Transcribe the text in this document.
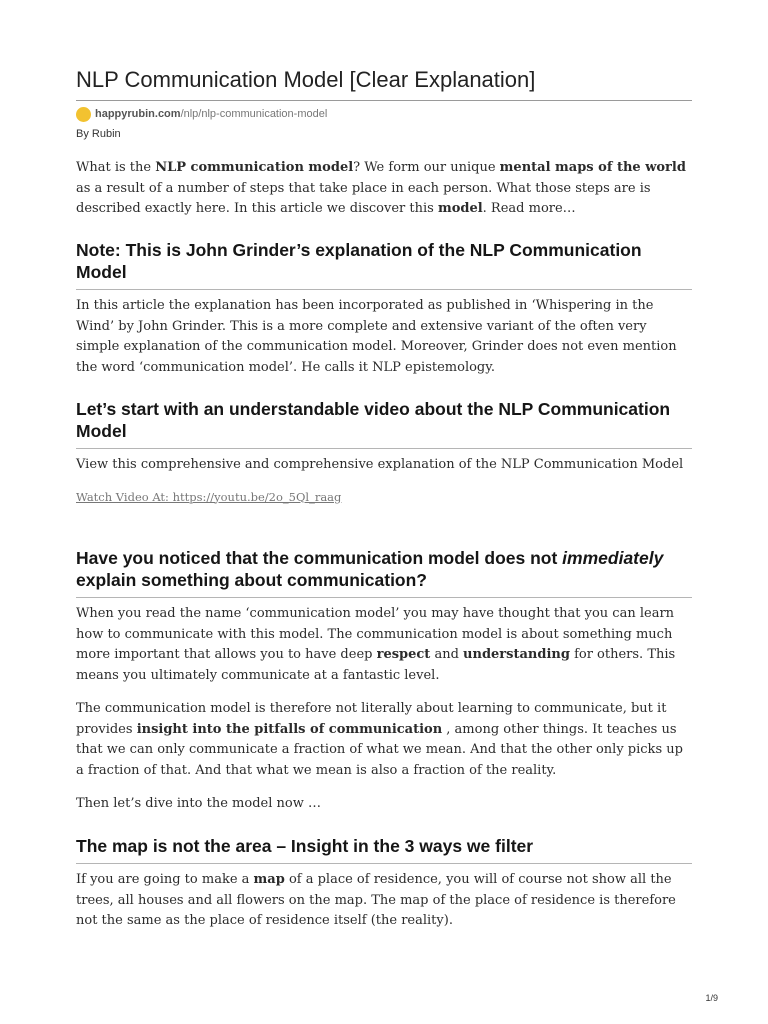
NLP Communication Model [Clear Explanation]
happyrubin.com /nlp/nlp-communication-model
By Rubin

What is the NLP communication model? We form our unique mental maps of the world as a result of a number of steps that take place in each person. What those steps are is described exactly here. In this article we discover this model. Read more…

Note: This is John Grinder’s explanation of the NLP Communication Model

In this article the explanation has been incorporated as published in ‘Whispering in the Wind’ by John Grinder. This is a more complete and extensive variant of the often very simple explanation of the communication model. Moreover, Grinder does not even mention the word ‘communication model’. He calls it NLP epistemology.

Let’s start with an understandable video about the NLP Communication Model

View this comprehensive and comprehensive explanation of the NLP Communication Model

Watch Video At: https://youtu.be/2o_5Ql_raag
Have you noticed that the communication model does not immediately explain something about communication?

When you read the name ‘communication model’ you may have thought that you can learn how to communicate with this model. The communication model is about something much more important that allows you to have deep respect and understanding for others. This means you ultimately communicate at a fantastic level.

The communication model is therefore not literally about learning to communicate, but it provides insight into the pitfalls of communication , among other things. It teaches us that we can only communicate a fraction of what we mean. And that the other only picks up a fraction of that. And that what we mean is also a fraction of the reality.

Then let’s dive into the model now …

The map is not the area – Insight in the 3 ways we filter

If you are going to make a map of a place of residence, you will of course not show all the trees, all houses and all flowers on the map. The map of the place of residence is therefore not the same as the place of residence itself (the reality).

1/9
